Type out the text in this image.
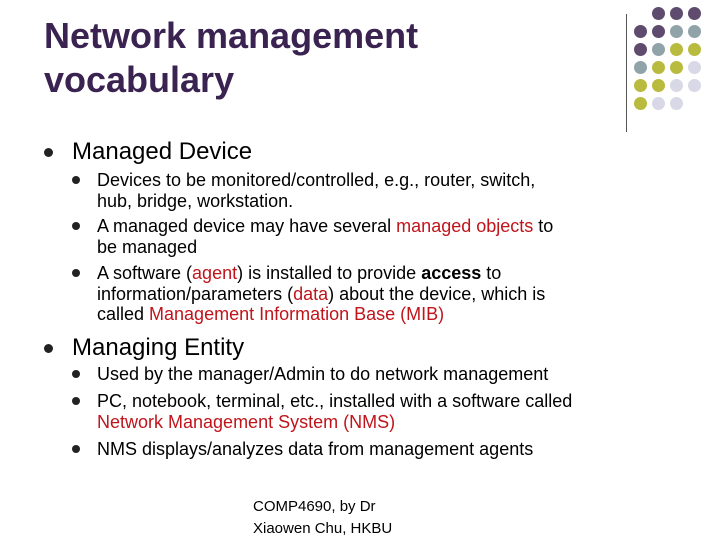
Network management
vocabulary
Managed Device
Devices to be monitored/controlled, e.g., router, switch,
hub, bridge, workstation.
A managed device may have several managed objects to
be managed
A software (agent) is installed to provide access to
information/parameters (data) about the device, which is
called Management Information Base (MIB)
Managing Entity
Used by the manager/Admin to do network management
PC, notebook, terminal, etc., installed with a software called
Network Management System (NMS)
NMS displays/analyzes data from management agents
COMP4690, by Dr
Xiaowen Chu, HKBU
